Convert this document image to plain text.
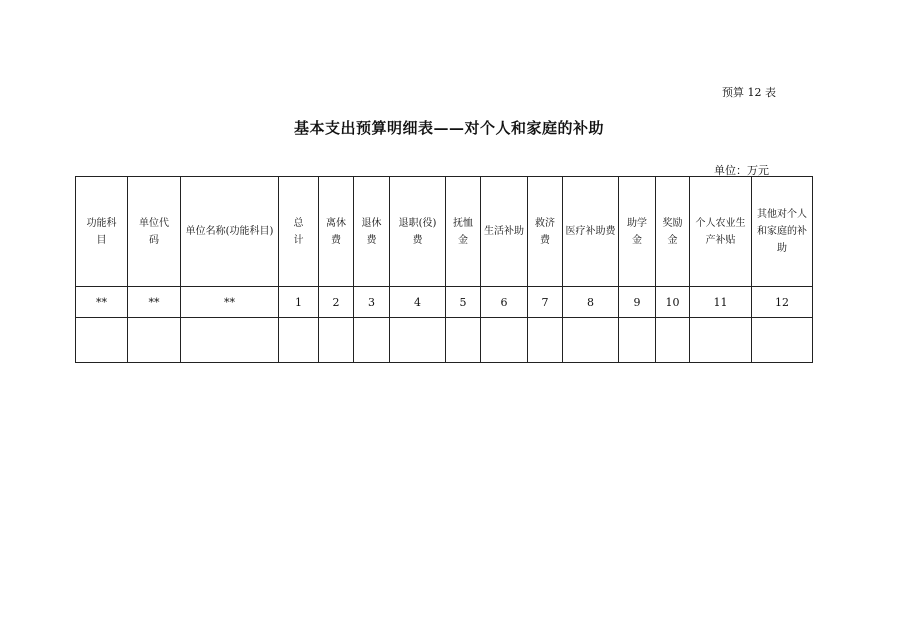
预算 12 表
基本支出预算明细表——对个人和家庭的补助
单位：万元
功能科目	单位代码	单位名称(功能科目)	总计	离休费	退休费	退职(役)费	抚恤金	生活补助	救济费	医疗补助费	助学金	奖励金	个人农业生产补贴	其他对个人和家庭的补助
**	**	**	1	2	3	4	5	6	7	8	9	10	11	12
